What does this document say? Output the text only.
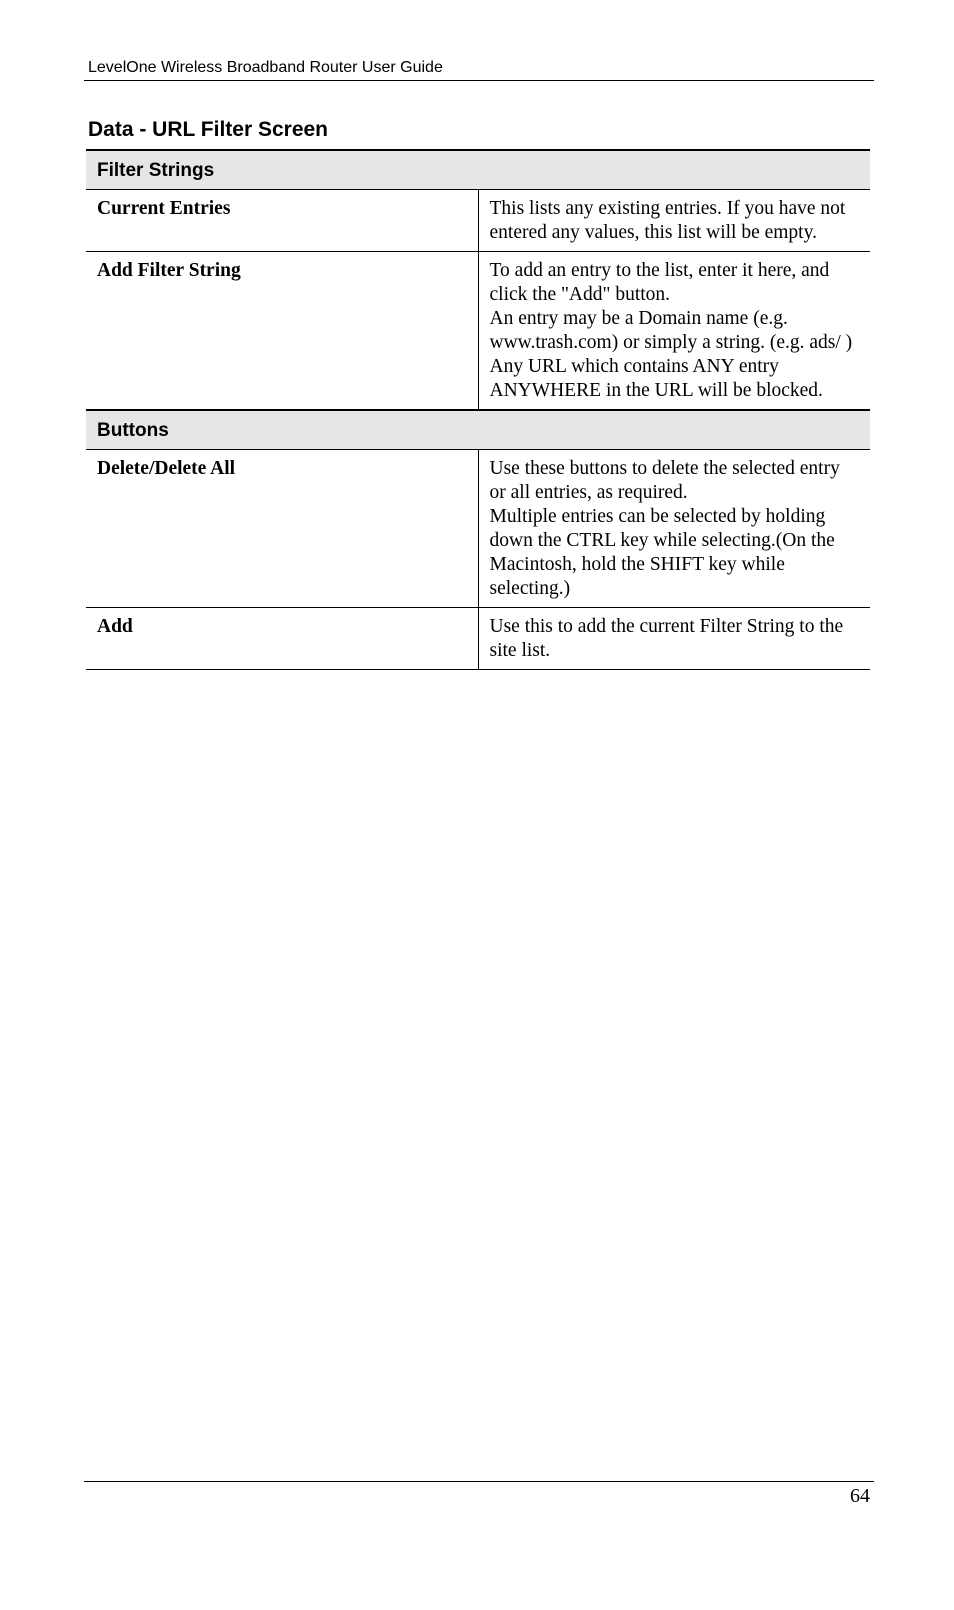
LevelOne Wireless Broadband Router User Guide
Data - URL Filter Screen
Filter Strings	
Current Entries	This lists any existing entries. If you have not entered any values, this list will be empty.

Add Filter String	To add an entry to the list, enter it here, and click the "Add" button.
An entry may be a Domain name (e.g. www.trash.com) or simply a string. (e.g. ads/ )
Any URL which contains ANY entry ANYWHERE in the URL will be blocked.

Buttons	
Delete/Delete All	Use these buttons to delete the selected entry or all entries, as required.
Multiple entries can be selected by holding down the CTRL key while selecting.(On the Macintosh, hold the SHIFT key while selecting.)

Add	Use this to add the current Filter String to the site list.
64
